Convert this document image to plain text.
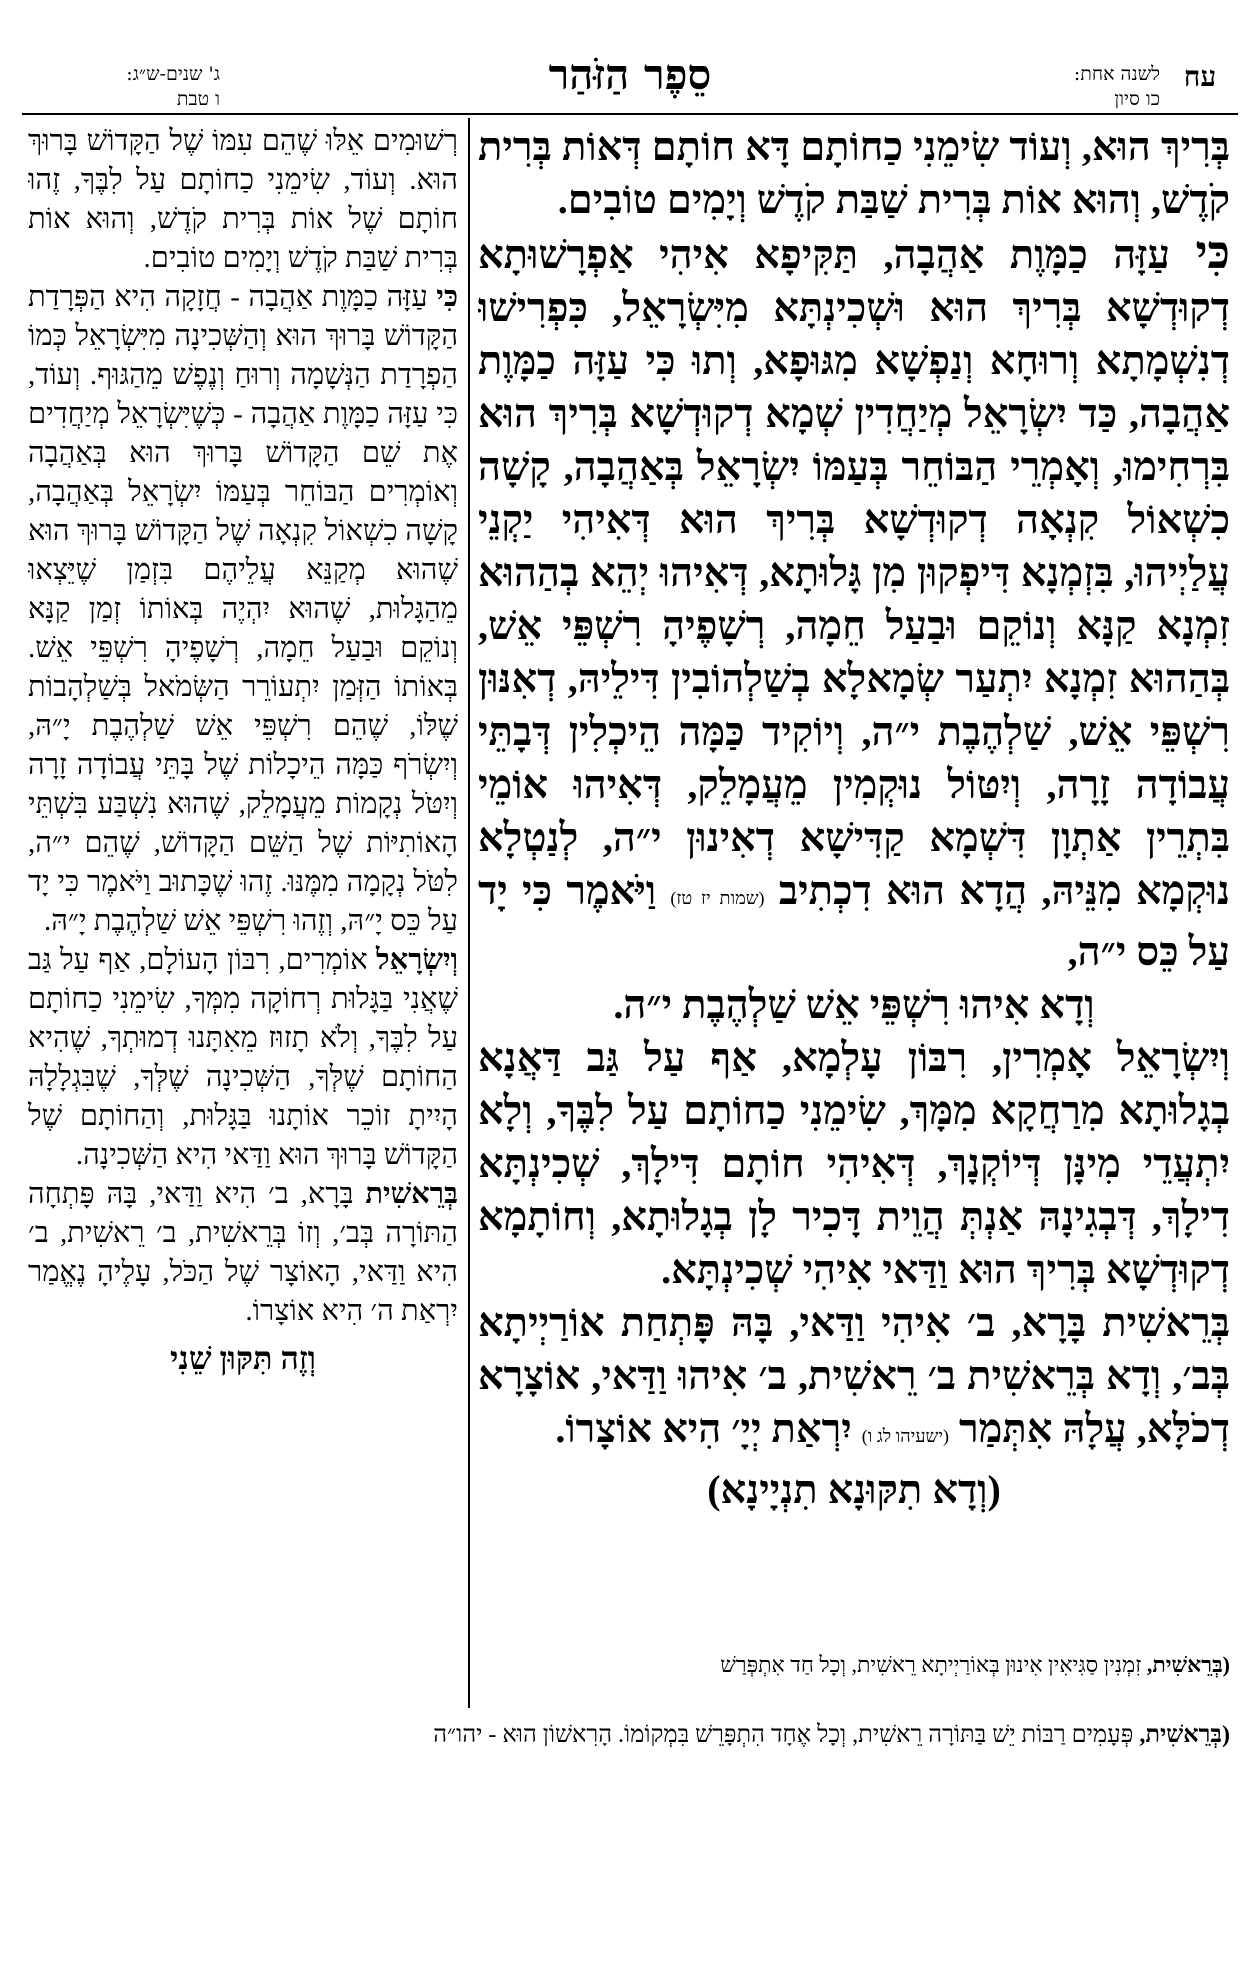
עח
לשנה אחת:
כו סיון
סֵפֶר הַזֹּהַר
ג' שנים-ש״ג:
ו טבת

בְּרִיךְ הוּא, וְעוֹד שִׂימֵנִי כַחוֹתָם דָּא חוֹתָם דְּאוֹת בְּרִית קֹדֶשׁ, וְהוּא אוֹת בְּרִית שַׁבַּת קֹדֶשׁ וְיָמִים טוֹבִים.

כִּי עַזָּה כַמָּוֶת אַהֲבָה, תַּקִּיפָא אִיהִי אַפְרָשׁוּתָא דְקוּדְשָׁא בְּרִיךְ הוּא וּשְׁכִינְתָּא מִיִּשְׂרָאֵל, כִּפְרִישׁוּ דְנִשְׁמָתָא וְרוּחָא וְנַפְשָׁא מִגּוּפָא, וְתוּ כִּי עַזָּה כַמָּוֶת אַהֲבָה, כַּד יִשְׂרָאֵל מְיַחֲדִין שְׁמָא דְקוּדְשָׁא בְּרִיךְ הוּא בִּרְחִימוּ, וְאָמְרֵי הַבּוֹחֵר בְּעַמּוֹ יִשְׂרָאֵל בְּאַהֲבָה, קָשָׁה כִשְׁאוֹל קִנְאָה דְקוּדְשָׁא בְּרִיךְ הוּא דְּאִיהִי יַקְנֵי עֲלַיְיהוּ, בִּזְמְנָא דִּיפְקוּן מִן גָּלוּתָא, דְּאִיהוּ יְהֵא בְהַהוּא זִמְנָא קַנָּא וְנוֹקֵם וּבַעַל חֵמָה, רְשָׁפֶיהָ רִשְׁפֵּי אֵשׁ, בְּהַהוּא זִמְנָא יִתְעַר שְׂמָאלָא בְשַׁלְהוֹבִין דִּילֵיהּ, דְאִנּוּן רִשְׁפֵּי אֵשׁ, שַׁלְהֶבֶת י״ה, וְיוֹקִיד כַּמָּה הֵיכְלִין דְּבָתֵּי עֲבוֹדָה זָרָה, וְיִטּוֹל נוּקְמִין מֵעֲמָלֵק, דְּאִיהוּ אוֹמֵי בִּתְרֵין אַתְוָן דִּשְׁמָא קַדִּישָׁא דְאִינוּן י״ה, לְנַטְלָא נוּקְמָא מִנֵּיהּ, הֲדָא הוּא דִכְתִיב (שמות יז טז) וַיֹּאמֶר כִּי יָד עַל כֵּס י״ה,

וְדָא אִיהוּ רִשְׁפֵּי אֵשׁ שַׁלְהֶבֶת י״ה.

וְיִשְׂרָאֵל אָמְרִין, רִבּוֹן עָלְמָא, אַף עַל גַּב דַּאֲנָא בְגָלוּתָא מִרַחֲקָא מִמָּךְ, שִׂימֵנִי כַחוֹתָם עַל לִבֶּךָ, וְלָא יִתְעֲדֵי מִינָּן דְּיוֹקְנָךְ, דְּאִיהִי חוֹתָם דִּילָךְ, שְׁכִינְתָּא דִילָךְ, דְּבְגִינָהּ אַנְתְּ הֲוֵית דָּכִיר לָן בְגָלוּתָא, וְחוֹתָמָא דְקוּדְשָׁא בְּרִיךְ הוּא וַדַּאי אִיהִי שְׁכִינְתָּא.

בְּרֵאשִׁית בָּרָא, ב׳ אִיהִי וַדַּאי, בָּהּ פָּתְחַת אוֹרַיְיתָא בְּב׳, וְדָא בְּרֵאשִׁית ב׳ רֵאשִׁית, ב׳ אִיהוּ וַדַּאי, אוֹצָרָא דְכֹלָּא, עֲלָהּ אִתְּמַר (ישעיהו לג ו) יִרְאַת יְיָ׳ הִיא אוֹצָרוֹ.

(וְדָא תִקּוּנָא תִנְיָינָא)

רְשׁוּמִים אֵלּוּ שֶׁהֵם עִמּוֹ שֶׁל הַקָּדוֹשׁ בָּרוּךְ הוּא. וְעוֹד, שִׂימֵנִי כַחוֹתָם עַל לִבֶּךָ, זֶהוּ חוֹתָם שֶׁל אוֹת בְּרִית קֹדֶשׁ, וְהוּא אוֹת בְּרִית שַׁבַּת קֹדֶשׁ וְיָמִים טוֹבִים.

כִּי עַזָּה כַמָּוֶת אַהֲבָה - חֲזָקָה הִיא הַפְּרָדַת הַקָּדוֹשׁ בָּרוּךְ הוּא וְהַשְּׁכִינָה מִיִּשְׂרָאֵל כְּמוֹ הַפְרָדַת הַנְּשָׁמָה וְרוּחַ וְנֶפֶשׁ מֵהַגּוּף. וְעוֹד, כִּי עַזָּה כַמָּוֶת אַהֲבָה - כְּשֶׁיִּשְׂרָאֵל מְיַחֲדִים אֶת שֵׁם הַקָּדוֹשׁ בָּרוּךְ הוּא בְּאַהֲבָה וְאוֹמְרִים הַבּוֹחֵר בְּעַמּוֹ יִשְׂרָאֵל בְּאַהֲבָה, קָשָׁה כִשְׁאוֹל קִנְאָה שֶׁל הַקָּדוֹשׁ בָּרוּךְ הוּא שֶׁהוּא מְקַנֵּא עֲלֵיהֶם בִּזְמַן שֶׁיֵּצְאוּ מֵהַגָּלוּת, שֶׁהוּא יִהְיֶה בְּאוֹתוֹ זְמַן קַנָּא וְנוֹקֵם וּבַעַל חֵמָה, רְשָׁפֶיהָ רִשְׁפֵּי אֵשׁ. בְּאוֹתוֹ הַזְּמַן יִתְעוֹרֵר הַשְּׂמֹאל בְּשַׁלְהָבוֹת שֶׁלּוֹ, שֶׁהֵם רִשְׁפֵּי אֵשׁ שַׁלְהֶבֶת יָ״הּ, וְיִשְׂרֹף כַּמָּה הֵיכָלוֹת שֶׁל בָּתֵּי עֲבוֹדָה זָרָה וְיִטֹּל נְקָמוֹת מֵעֲמָלֵק, שֶׁהוּא נִשְׁבַּע בִּשְׁתֵּי הָאוֹתִיּוֹת שֶׁל הַשֵּׁם הַקָּדוֹשׁ, שֶׁהֵם י״ה, לִטֹּל נְקָמָה מִמֶּנּוּ. זֶהוּ שֶׁכָּתוּב וַיֹּאמֶר כִּי יָד עַל כֵּס יָ״הּ, וְזֶהוּ רִשְׁפֵּי אֵשׁ שַׁלְהֶבֶת יָ״הּ.

וְיִשְׂרָאֵל אוֹמְרִים, רִבּוֹן הָעוֹלָם, אַף עַל גַּב שֶׁאֲנִי בַּגָּלוּת רְחוֹקָה מִמְּךָ, שִׂימֵנִי כַחוֹתָם עַל לִבֶּךָ, וְלֹא תָזוּז מֵאִתָּנוּ דְמוּתְךָ, שֶׁהִיא הַחוֹתָם שֶׁלְּךָ, הַשְּׁכִינָה שֶׁלְּךָ, שֶׁבִּגְלָלָהּ הָיִיתָ זוֹכֵר אוֹתָנוּ בַּגָּלוּת, וְהַחוֹתָם שֶׁל הַקָּדוֹשׁ בָּרוּךְ הוּא וַדַּאי הִיא הַשְּׁכִינָה.

בְּרֵאשִׁית בָּרָא, ב׳ הִיא וַדַּאי, בָּהּ פָּתְחָה הַתּוֹרָה בְּב׳, וְזוֹ בְּרֵאשִׁית, ב׳ רֵאשִׁית, ב׳ הִיא וַדַּאי, הָאוֹצָר שֶׁל הַכֹּל, עָלֶיהָ נֶאֱמַר יִרְאַת ה׳ הִיא אוֹצָרוֹ.

וְזֶה תִּקּוּן שֵׁנִי

(בְּרֵאשִׁית, זִמְנִין סַגִּיאִין אִינוּן בְּאוֹרַיְיתָא רֵאשִׁית, וְכָל חַד אִתְפְּרַשׁ
(בְּרֵאשִׁית, פְּעָמִים רַבּוֹת יֵשׁ בַּתּוֹרָה רֵאשִׁית, וְכָל אֶחָד הִתְפָּרֵשׁ בִּמְקוֹמוֹ. הָרִאשׁוֹן הוּא - יהו״ה
